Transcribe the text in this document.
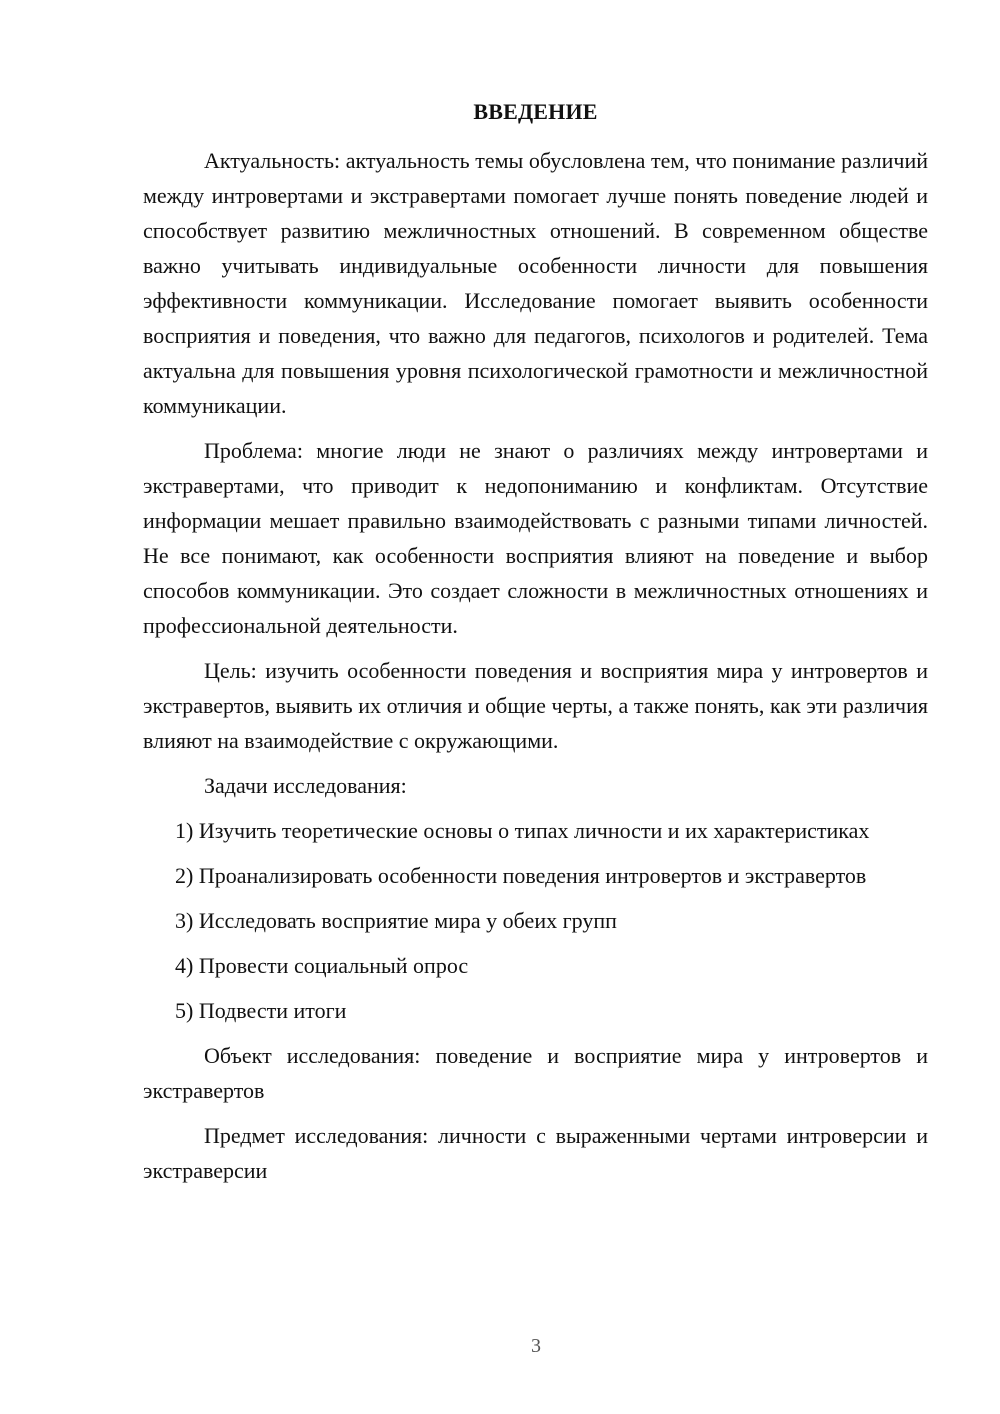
ВВЕДЕНИЕ

Актуальность: актуальность темы обусловлена тем, что понимание различий между интровертами и экстравертами помогает лучше понять поведение людей и способствует развитию межличностных отношений. В современном обществе важно учитывать индивидуальные особенности личности для повышения эффективности коммуникации. Исследование помогает выявить особенности восприятия и поведения, что важно для педагогов, психологов и родителей. Тема актуальна для повышения уровня психологической грамотности и межличностной коммуникации.

Проблема: многие люди не знают о различиях между интровертами и экстравертами, что приводит к недопониманию и конфликтам. Отсутствие информации мешает правильно взаимодействовать с разными типами личностей. Не все понимают, как особенности восприятия влияют на поведение и выбор способов коммуникации. Это создает сложности в межличностных отношениях и профессиональной деятельности.

Цель: изучить особенности поведения и восприятия мира у интровертов и экстравертов, выявить их отличия и общие черты, а также понять, как эти различия влияют на взаимодействие с окружающими.

Задачи исследования:

1) Изучить теоретические основы о типах личности и их характеристиках

2) Проанализировать особенности поведения интровертов и экстравертов

3) Исследовать восприятие мира у обеих групп

4) Провести социальный опрос

5) Подвести итоги

Объект исследования: поведение и восприятие мира у интровертов и экстравертов

Предмет исследования: личности с выраженными чертами интроверсии и экстраверсии

3
